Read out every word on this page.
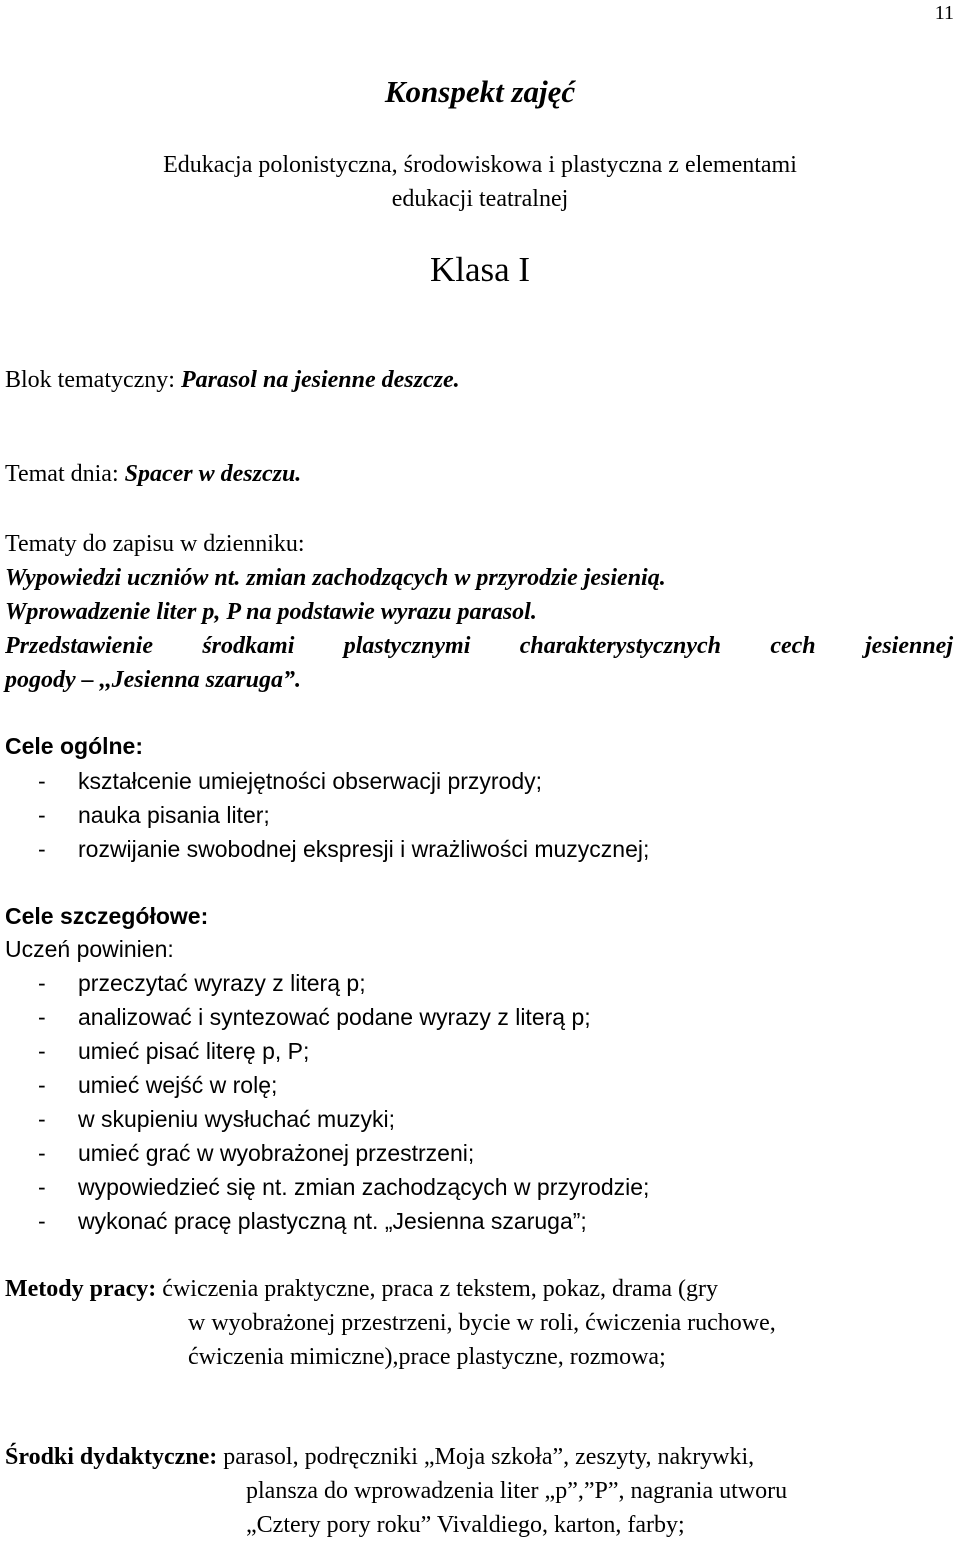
11
Konspekt zajęć
Edukacja polonistyczna, środowiskowa i plastyczna z elementami
edukacji teatralnej
Klasa I
Blok tematyczny: Parasol na jesienne deszcze.
Temat dnia: Spacer w deszczu.
Tematy do zapisu w dzienniku:
Wypowiedzi uczniów nt. zmian zachodzących w przyrodzie jesienią.
Wprowadzenie liter p, P na podstawie wyrazu parasol.
Przedstawienie środkami plastycznymi charakterystycznych cech jesiennej
pogody – ,,Jesienna szaruga”.
Cele ogólne:
- kształcenie umiejętności obserwacji przyrody;
- nauka pisania liter;
- rozwijanie swobodnej ekspresji i wrażliwości muzycznej;
Cele szczegółowe:
Uczeń powinien:
- przeczytać wyrazy z literą p;
- analizować i syntezować podane wyrazy z literą p;
- umieć pisać literę p, P;
- umieć wejść w rolę;
- w skupieniu wysłuchać muzyki;
- umieć grać w wyobrażonej przestrzeni;
- wypowiedzieć się nt. zmian zachodzących w przyrodzie;
- wykonać pracę plastyczną nt. „Jesienna szaruga”;
Metody pracy: ćwiczenia praktyczne, praca z tekstem, pokaz, drama (gry
w wyobrażonej przestrzeni, bycie w roli, ćwiczenia ruchowe,
ćwiczenia mimiczne),prace plastyczne, rozmowa;
Środki dydaktyczne: parasol, podręczniki „Moja szkoła”, zeszyty, nakrywki,
plansza do wprowadzenia liter „p”,”P”, nagrania utworu
„Cztery pory roku” Vivaldiego, karton, farby;
